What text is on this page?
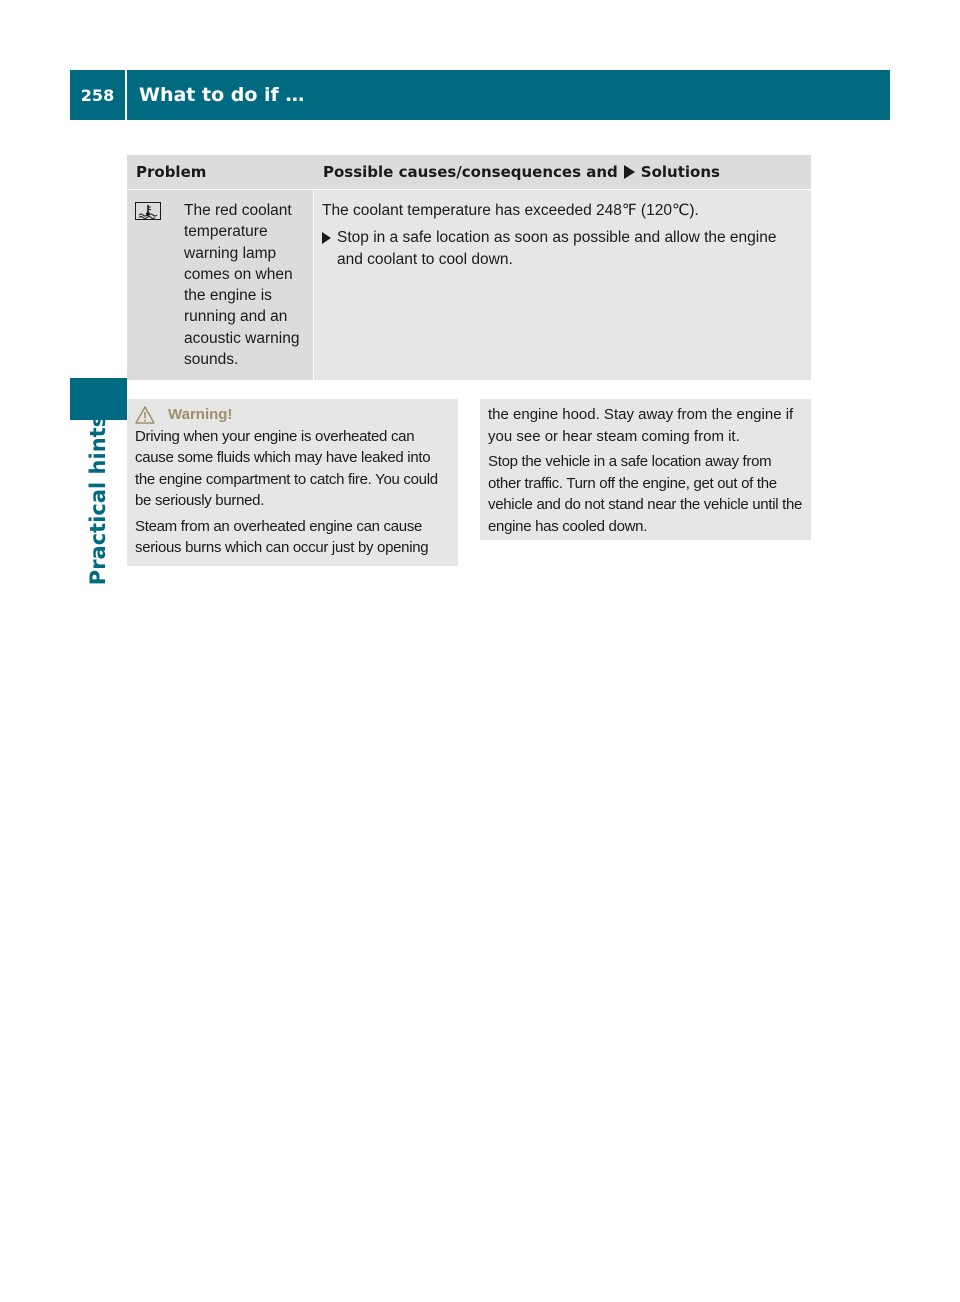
258	What to do if …
Practical hints
Problem	Possible causes/consequences and Solutions
The red coolant temperature warning lamp comes on when the engine is running and an acoustic warning sounds.
The coolant temperature has exceeded 248℉ (120℃).
Stop in a safe location as soon as possible and allow the engine and coolant to cool down.
Warning!

Driving when your engine is overheated can cause some fluids which may have leaked into the engine compartment to catch fire. You could be seriously burned.

Steam from an overheated engine can cause serious burns which can occur just by opening

the engine hood. Stay away from the engine if you see or hear steam coming from it.

Stop the vehicle in a safe location away from other traffic. Turn off the engine, get out of the vehicle and do not stand near the vehicle until the engine has cooled down.
